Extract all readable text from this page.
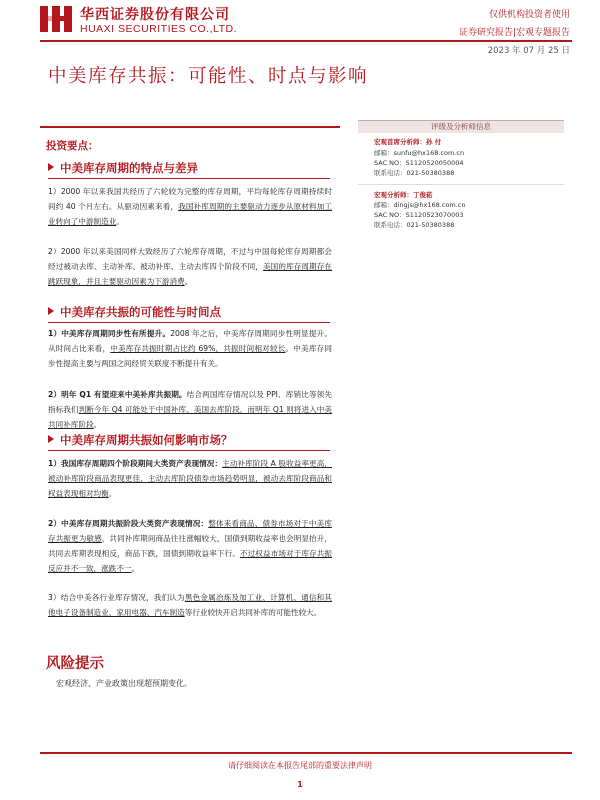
华西证券股份有限公司
HUAXI SECURITIES CO.,LTD.
仅供机构投资者使用
证券研究报告|宏观专题报告
2023 年 07 月 25 日
中美库存共振：可能性、时点与影响
投资要点：
中美库存周期的特点与差异
1）2000 年以来我国共经历了六轮较为完整的库存周期，平均每轮库存周期持续时间约 40 个月左右。从驱动因素来看，我国补库周期的主要驱动力逐步从原材料加工业转向了中游制造业。
2）2000 年以来美国同样大致经历了六轮库存周期，不过与中国每轮库存周期都会经过被动去库、主动补库、被动补库、主动去库四个阶段不同，美国的库存周期存在跳跃现象，并且主要驱动因素为下游消费。
中美库存共振的可能性与时间点
1）中美库存周期同步性有所提升。2008 年之后，中美库存周期同步性明显提升。从时间占比来看，中美库存共振时期占比约 69%，共振时间相对较长。中美库存同步性提高主要与两国之间经贸关联度不断提升有关。
2）明年 Q1 有望迎来中美补库共振期。结合两国库存情况以及 PPI、库销比等领先指标我们判断今年 Q4 可能处于中国补库、美国去库阶段，而明年 Q1 则将进入中美共同补库阶段。
中美库存周期共振如何影响市场？
1）我国库存周期四个阶段期间大类资产表现情况：主动补库阶段 A 股收益率更高，被动补库阶段商品表现更佳，主动去库阶段债券市场趋势明显，被动去库阶段商品和权益表现相对均衡。
2）中美库存周期共振阶段大类资产表现情况：整体来看商品、债券市场对于中美库存共振更为敏感，共同补库期间商品往往涨幅较大，国债到期收益率也会明显抬升，共同去库期表现相反，商品下跌，国债到期收益率下行。不过权益市场对于库存共振反应并不一致，涨跌不一。
3）结合中美各行业库存情况，我们认为黑色金属冶炼及加工业、计算机、通信和其他电子设备制造业、家用电器、汽车制造等行业较快开启共同补库的可能性较大。
风险提示
宏观经济、产业政策出现超预期变化。
评级及分析师信息
宏观首席分析师：孙 付
邮箱：sunfu@hx168.com.cn
SAC NO：S1120520050004
联系电话：021-50380388
宏观分析师：丁俊菘
邮箱：dingjs@hx168.com.cn
SAC NO：S1120523070003
联系电话：021-50380388
请仔细阅读在本报告尾部的重要法律声明
1
